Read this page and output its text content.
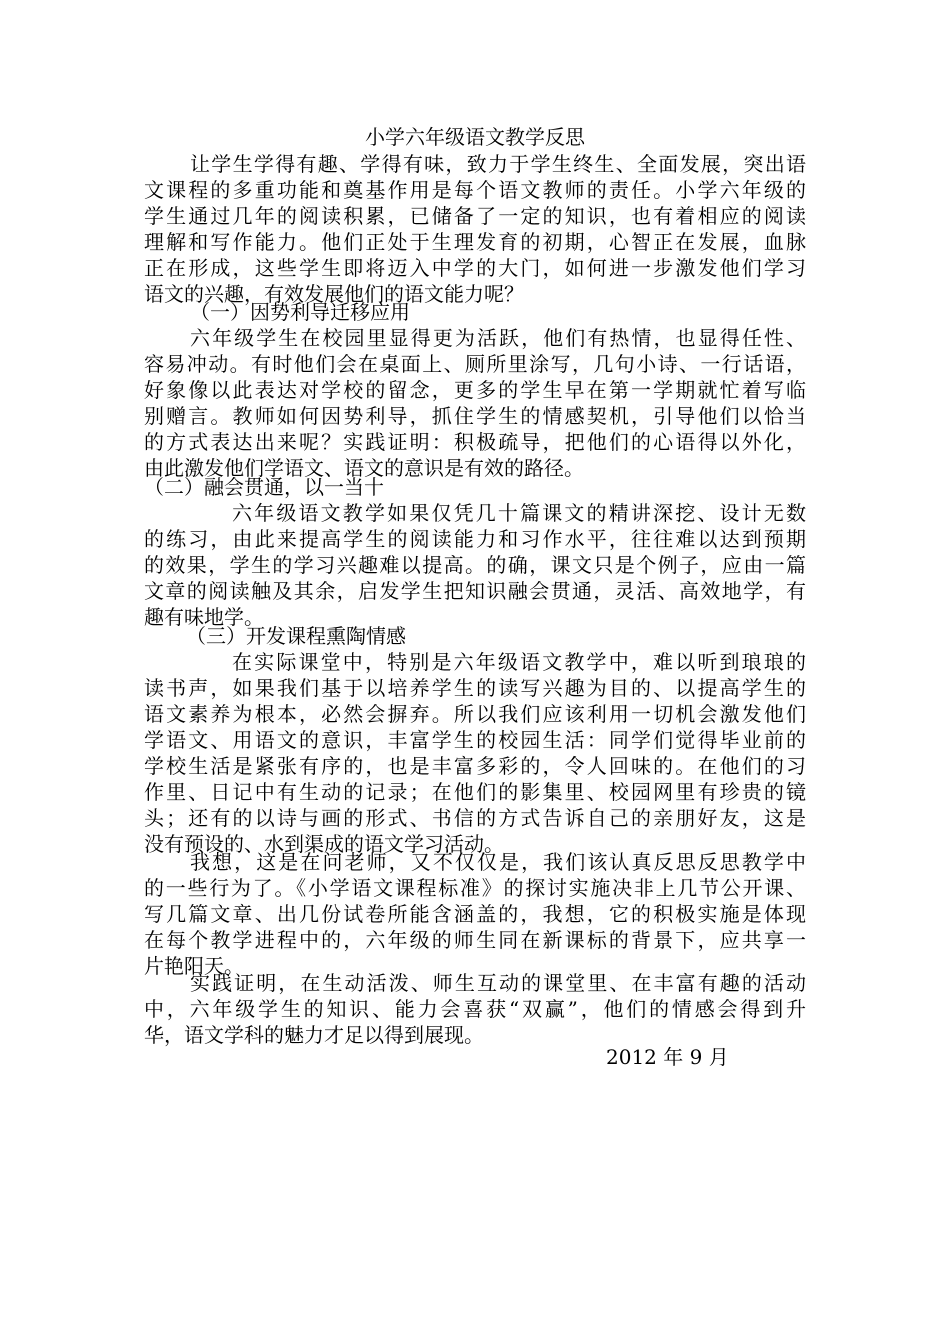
小学六年级语文教学反思
让学生学得有趣、学得有味，致力于学生终生、全面发展，突出语
文课程的多重功能和奠基作用是每个语文教师的责任。小学六年级的
学生通过几年的阅读积累，已储备了一定的知识，也有着相应的阅读
理解和写作能力。他们正处于生理发育的初期，心智正在发展，血脉
正在形成，这些学生即将迈入中学的大门，如何进一步激发他们学习
语文的兴趣，有效发展他们的语文能力呢？
（一）因势利导迁移应用
六年级学生在校园里显得更为活跃，他们有热情，也显得任性、
容易冲动。有时他们会在桌面上、厕所里涂写，几句小诗、一行话语，
好象像以此表达对学校的留念，更多的学生早在第一学期就忙着写临
别赠言。教师如何因势利导，抓住学生的情感契机，引导他们以恰当
的方式表达出来呢？实践证明：积极疏导，把他们的心语得以外化，
由此激发他们学语文、语文的意识是有效的路径。
（二）融会贯通，以一当十
六年级语文教学如果仅凭几十篇课文的精讲深挖、设计无数
的练习，由此来提高学生的阅读能力和习作水平，往往难以达到预期
的效果，学生的学习兴趣难以提高。的确，课文只是个例子，应由一篇
文章的阅读触及其余，启发学生把知识融会贯通，灵活、高效地学，有
趣有味地学。
（三）开发课程熏陶情感
在实际课堂中，特别是六年级语文教学中，难以听到琅琅的
读书声，如果我们基于以培养学生的读写兴趣为目的、以提高学生的
语文素养为根本，必然会摒弃。所以我们应该利用一切机会激发他们
学语文、用语文的意识，丰富学生的校园生活：同学们觉得毕业前的
学校生活是紧张有序的，也是丰富多彩的，令人回味的。在他们的习
作里、日记中有生动的记录；在他们的影集里、校园网里有珍贵的镜
头；还有的以诗与画的形式、书信的方式告诉自己的亲朋好友，这是
没有预设的、水到渠成的语文学习活动。
我想，这是在问老师，又不仅仅是，我们该认真反思反思教学中
的一些行为了。《小学语文课程标准》的探讨实施决非上几节公开课、
写几篇文章、出几份试卷所能含涵盖的，我想，它的积极实施是体现
在每个教学进程中的，六年级的师生同在新课标的背景下，应共享一
片艳阳天。
实践证明，在生动活泼、师生互动的课堂里、在丰富有趣的活动
中，六年级学生的知识、能力会喜获“双赢”，他们的情感会得到升
华，语文学科的魅力才足以得到展现。
2012 年 9 月
